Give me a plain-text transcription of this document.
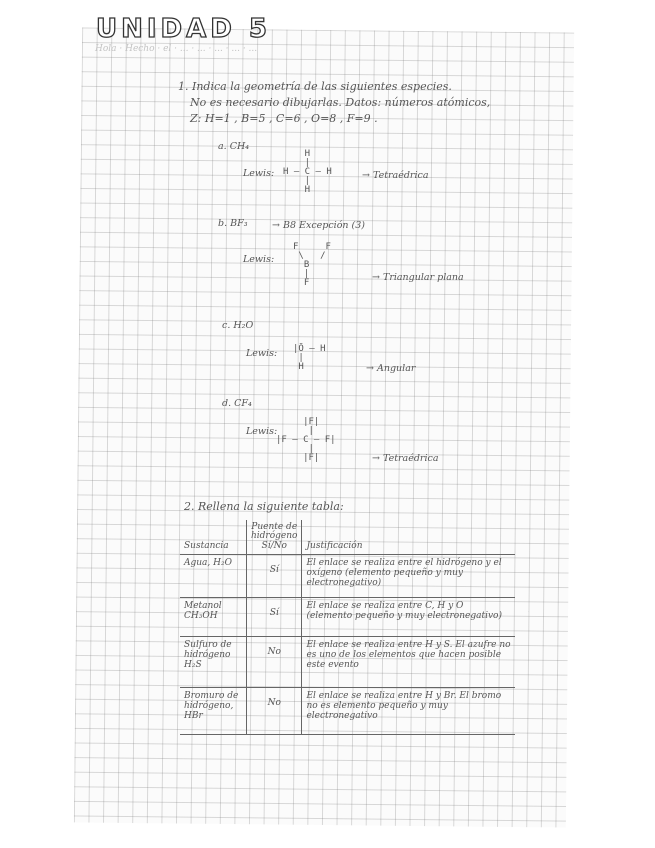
UNIDAD 5
Hola · Hecho · el · ... · ... · ... · ... · ...
1. Indica la geometría de las siguientes especies.
No es necesario dibujarlas. Datos: números atómicos,
Z: H=1 , B=5 , C=6 , O=8 , F=9 .
a. CH₄
Lewis:
H
|
H – C – H
|
H
→ Tetraédrica
b. BF₃	→ B8 Excepción (3)
Lewis:
F     F
\   /
B
|
F	→ Triangular plana
c. H₂O
Lewis: |Ō – H
|
H	→ Angular
d. CF₄
Lewis:
|F|
|
|F – C – F|
|
|F|	→ Tetraédrica
2. Rellena la siguiente tabla:
Sustancia	Puente de hidrógeno Sí/No	Justificación
Agua, H₂O	Sí	El enlace se realiza entre el hidrógeno y el oxígeno (elemento pequeño y muy electronegativo)
Metanol CH₃OH	Sí	El enlace se realiza entre C, H y O (elemento pequeño y muy electronegativo)
Sulfuro de hidrógeno H₂S	No	El enlace se realiza entre H y S. El azufre no es uno de los elementos que hacen posible este evento
Bromuro de hidrógeno, HBr	No	El enlace se realiza entre H y Br. El bromo no es elemento pequeño y muy electronegativo
